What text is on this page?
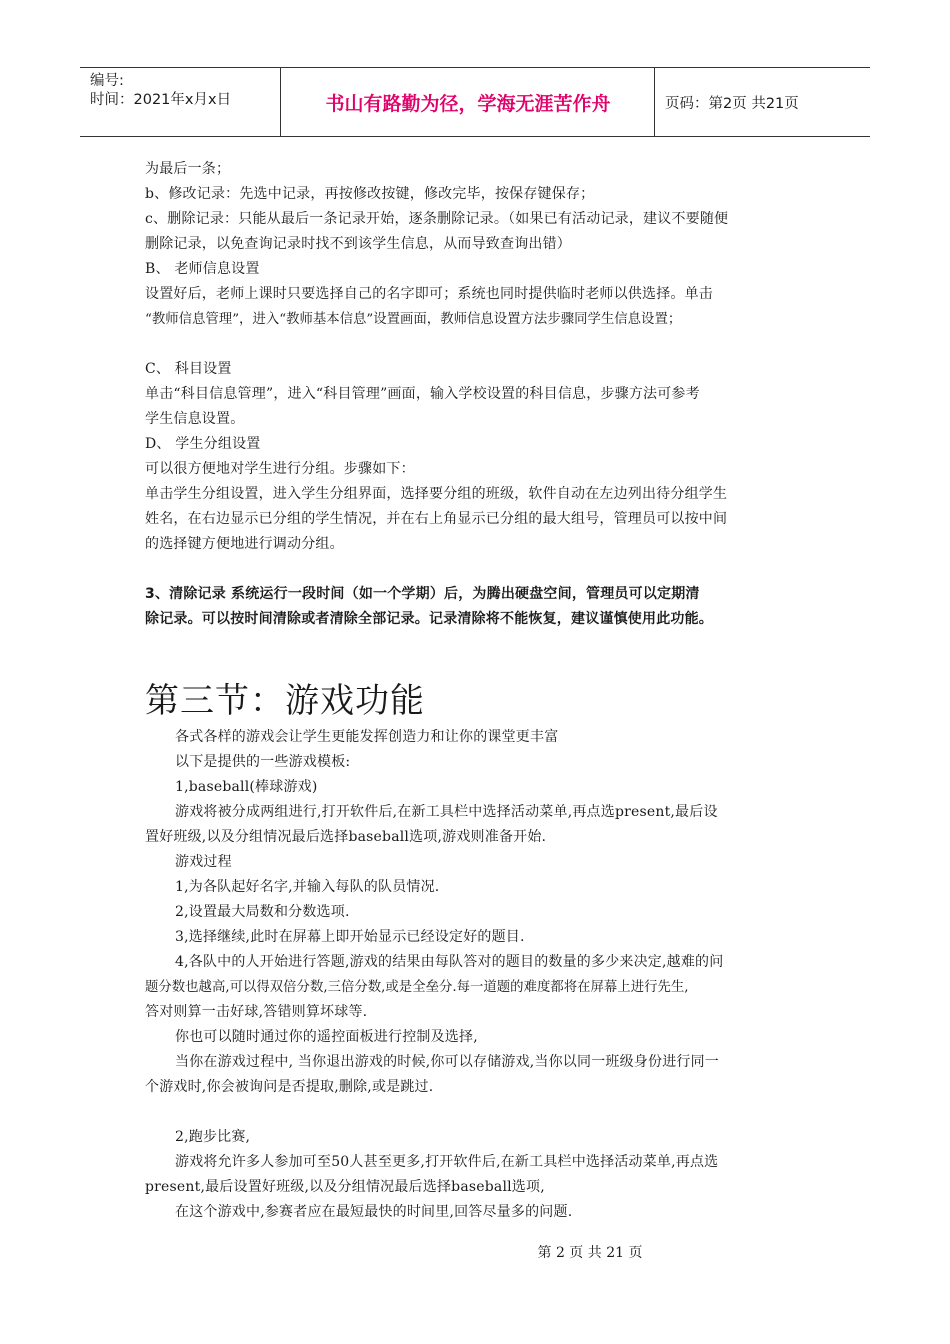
编号:
时间：2021年x月x日	书山有路勤为径，学海无涯苦作舟	页码：第2页 共21页

为最后一条；

b、修改记录：先选中记录，再按修改按键，修改完毕，按保存键保存；

c、删除记录：只能从最后一条记录开始，逐条删除记录。（如果已有活动记录，建议不要随便

删除记录，以免查询记录时找不到该学生信息，从而导致查询出错）

B、 老师信息设置

设置好后，老师上课时只要选择自己的名字即可；系统也同时提供临时老师以供选择。单击

“教师信息管理”，进入“教师基本信息”设置画面，教师信息设置方法步骤同学生信息设置；

C、 科目设置

单击“科目信息管理”，进入“科目管理”画面，输入学校设置的科目信息，步骤方法可参考

学生信息设置。

D、 学生分组设置

可以很方便地对学生进行分组。步骤如下：

单击学生分组设置，进入学生分组界面，选择要分组的班级，软件自动在左边列出待分组学生

姓名，在右边显示已分组的学生情况，并在右上角显示已分组的最大组号，管理员可以按中间

的选择键方便地进行调动分组。

3、清除记录 系统运行一段时间（如一个学期）后，为腾出硬盘空间，管理员可以定期清

除记录。可以按时间清除或者清除全部记录。记录清除将不能恢复，建议谨慎使用此功能。

第三节：游戏功能

各式各样的游戏会让学生更能发挥创造力和让你的课堂更丰富

以下是提供的一些游戏模板:

1,baseball(棒球游戏)

游戏将被分成两组进行,打开软件后,在新工具栏中选择活动菜单,再点选present,最后设

置好班级,以及分组情况最后选择baseball选项,游戏则准备开始.

游戏过程

1,为各队起好名字,并输入每队的队员情况.

2,设置最大局数和分数选项.

3,选择继续,此时在屏幕上即开始显示已经设定好的题目.

4,各队中的人开始进行答题,游戏的结果由每队答对的题目的数量的多少来决定,越难的问

题分数也越高,可以得双倍分数,三倍分数,或是全垒分.每一道题的难度都将在屏幕上进行先生,

答对则算一击好球,答错则算坏球等.

你也可以随时通过你的遥控面板进行控制及选择,

当你在游戏过程中, 当你退出游戏的时候,你可以存储游戏,当你以同一班级身份进行同一

个游戏时,你会被询问是否提取,删除,或是跳过.

2,跑步比赛,

游戏将允许多人参加可至50人甚至更多,打开软件后,在新工具栏中选择活动菜单,再点选

present,最后设置好班级,以及分组情况最后选择baseball选项,

在这个游戏中,参赛者应在最短最快的时间里,回答尽量多的问题.

第 2 页 共 21 页
